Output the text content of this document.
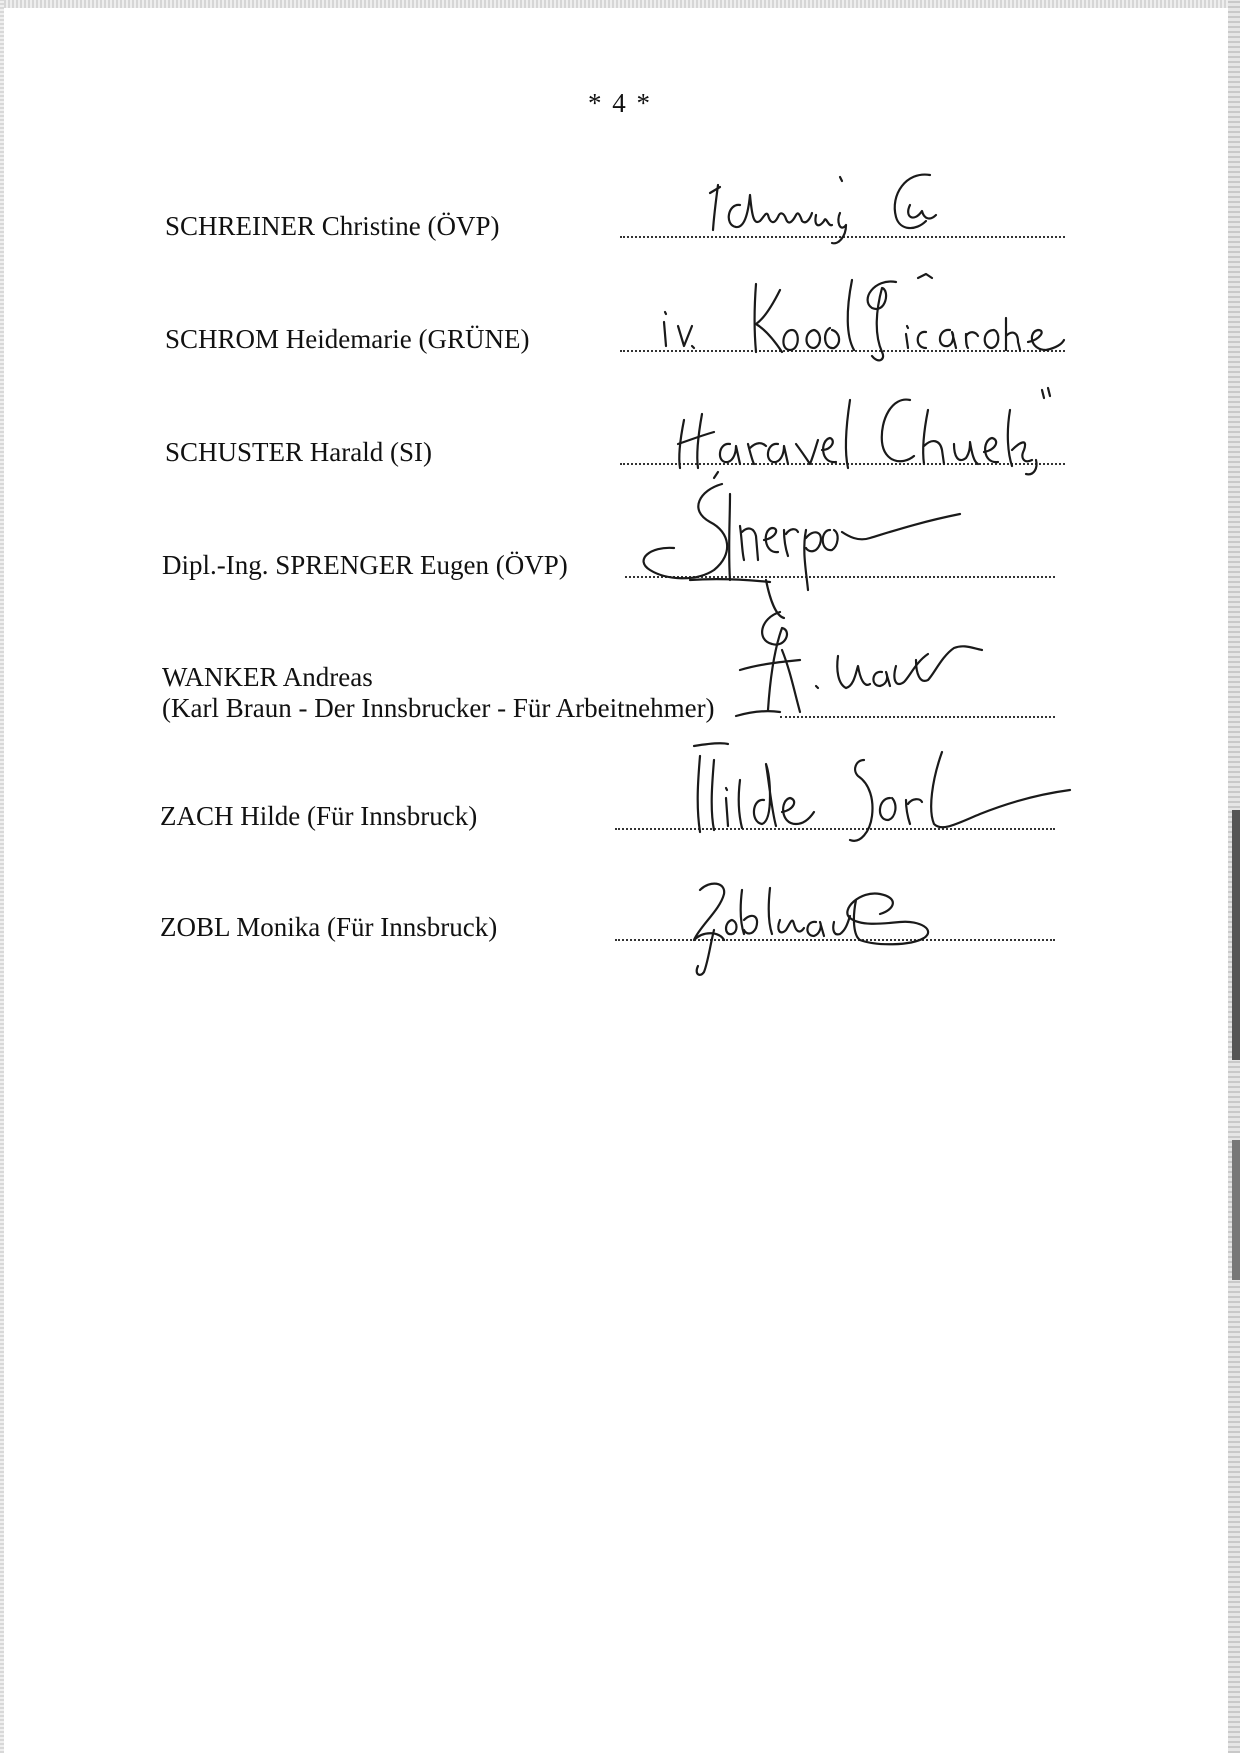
* 4 *
SCHREINER Christine (ÖVP)
SCHROM Heidemarie (GRÜNE)
SCHUSTER Harald (SI)
Dipl.-Ing. SPRENGER Eugen (ÖVP)
WANKER Andreas
(Karl Braun - Der Innsbrucker - Für Arbeitnehmer)
ZACH Hilde (Für Innsbruck)
ZOBL Monika (Für Innsbruck)
